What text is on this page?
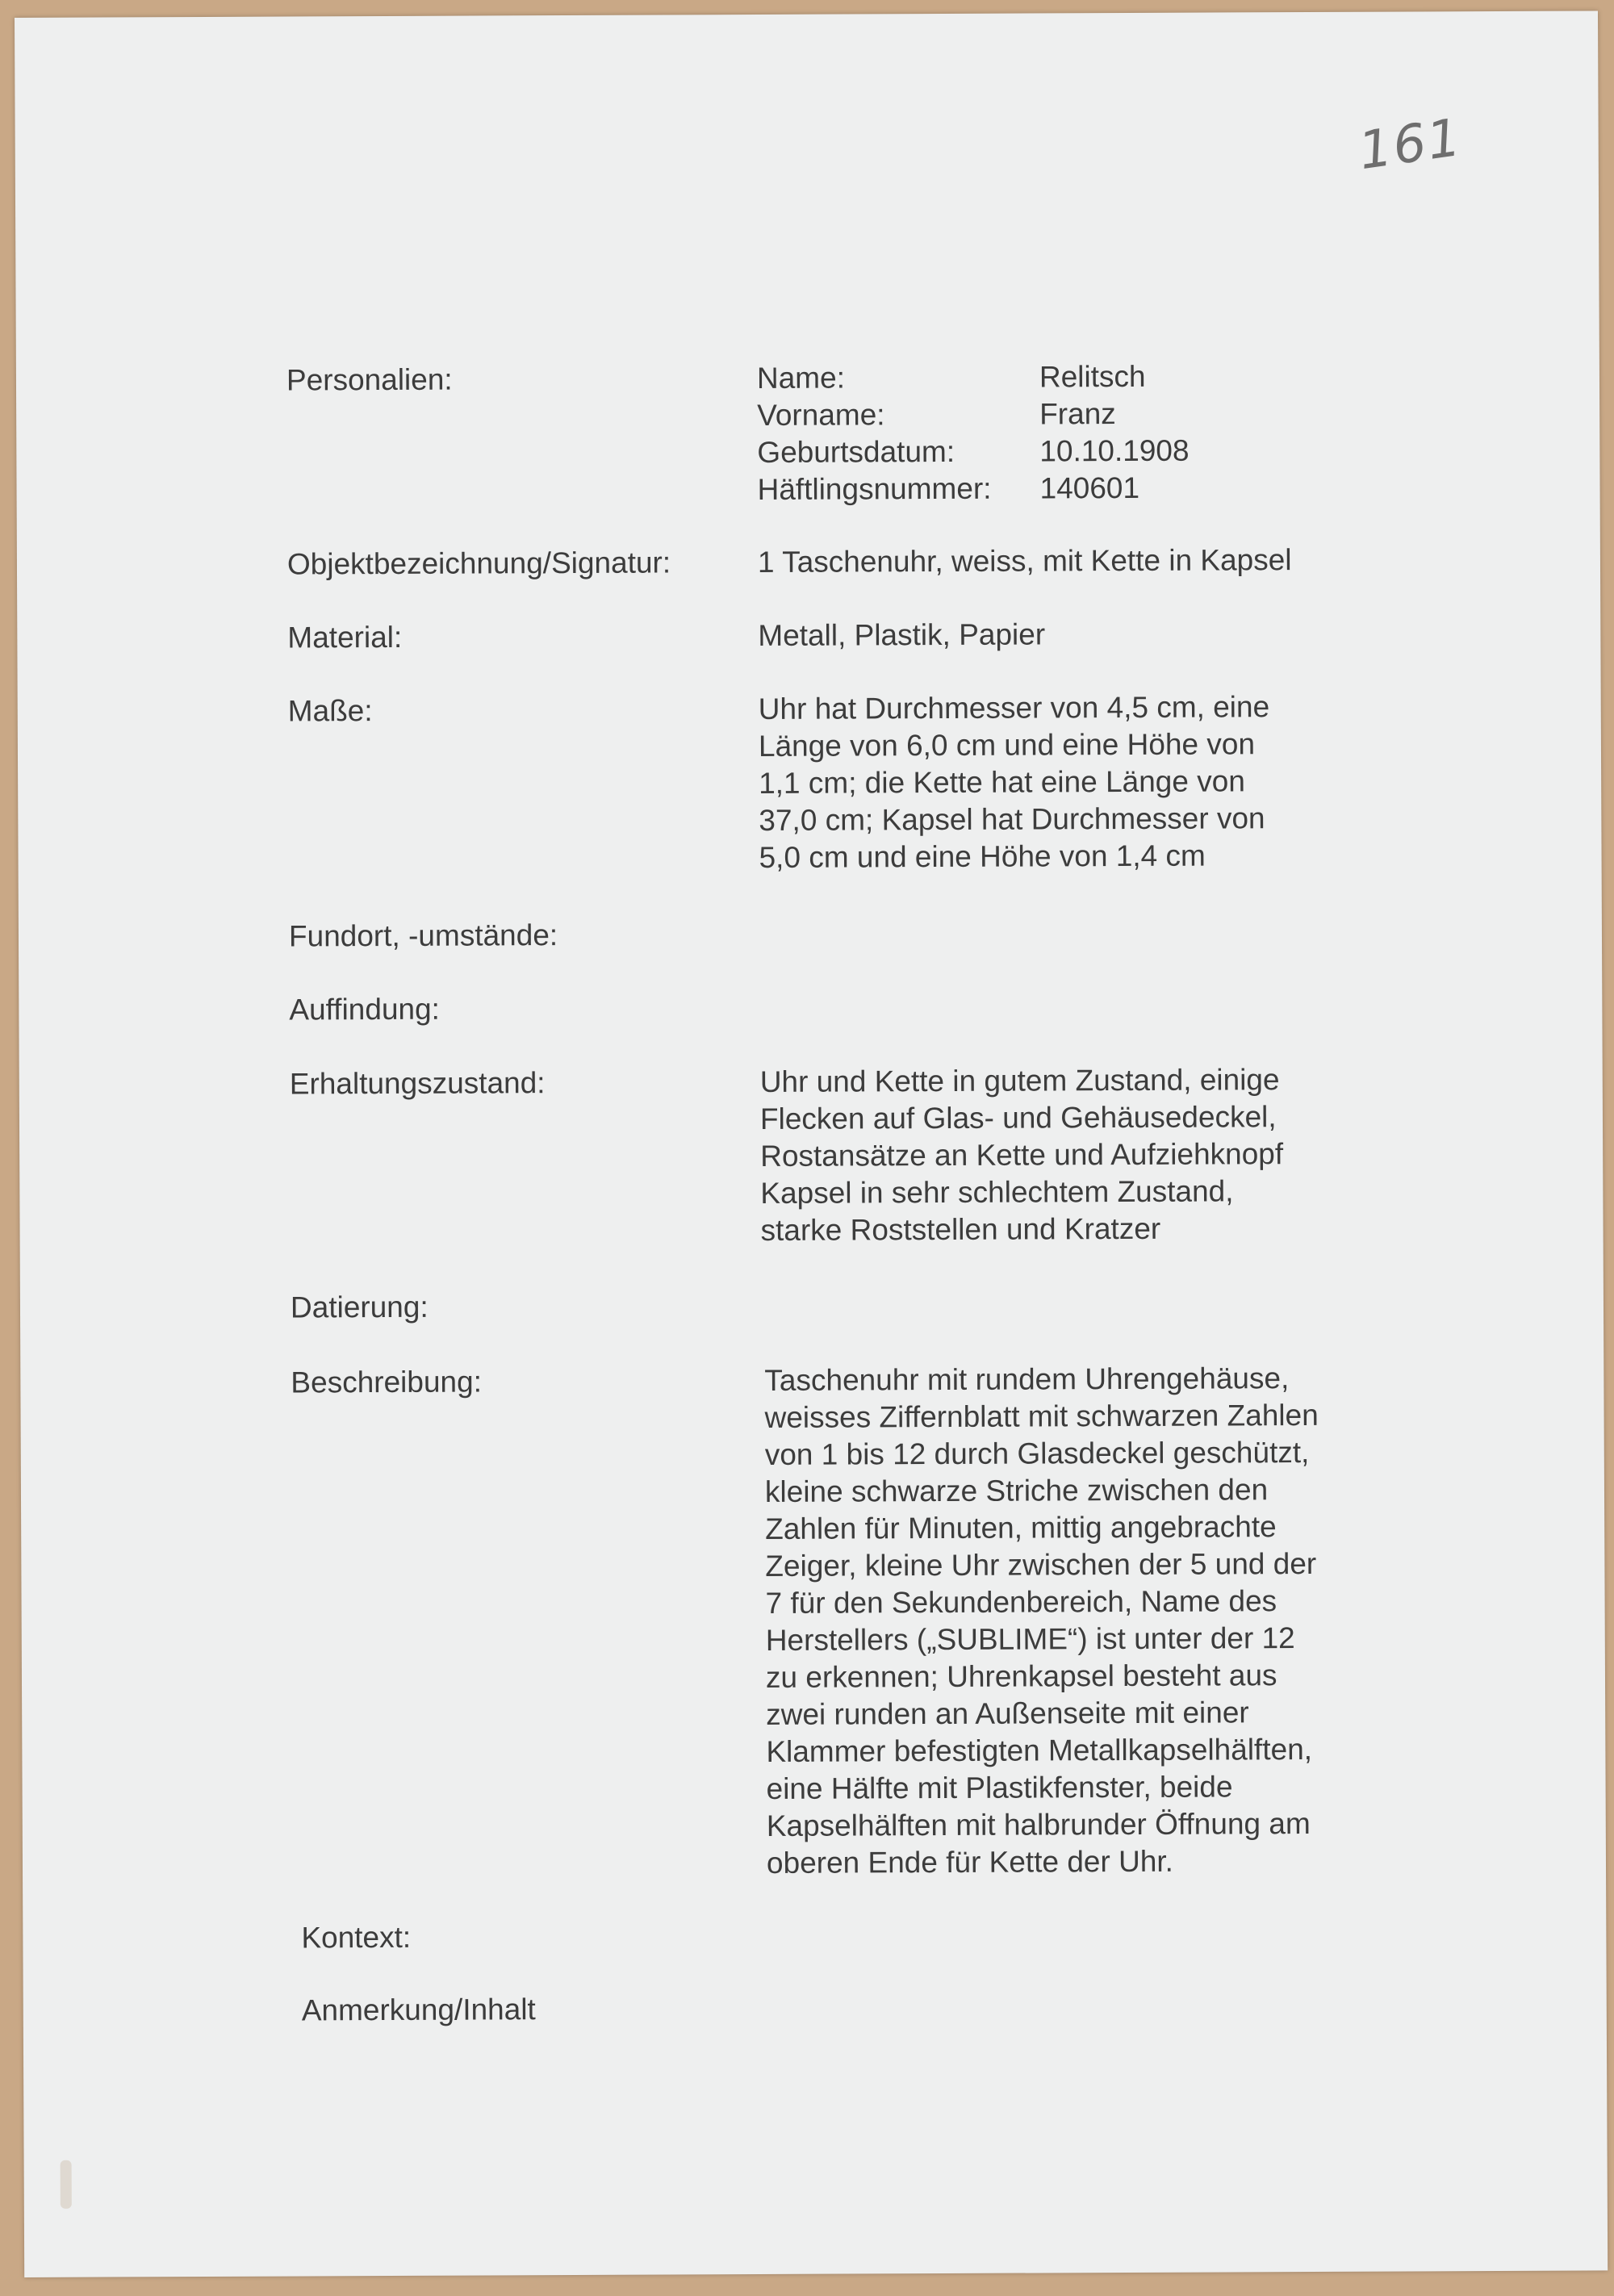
161
Personalien:	Name:	Relitsch
Vorname:	Franz
Geburtsdatum:	10.10.1908
Häftlingsnummer: 140601
Objektbezeichnung/Signatur:	1 Taschenuhr, weiss, mit Kette in Kapsel
Material:	Metall, Plastik, Papier
Maße:	Uhr hat Durchmesser von 4,5 cm, eine
Länge von 6,0 cm und eine Höhe von
1,1 cm; die Kette hat eine Länge von
37,0 cm; Kapsel hat Durchmesser von
5,0 cm und eine Höhe von 1,4 cm
Fundort, -umstände:
Auffindung:
Erhaltungszustand:	Uhr und Kette in gutem Zustand, einige
Flecken auf Glas- und Gehäusedeckel,
Rostansätze an Kette und Aufziehknopf
Kapsel in sehr schlechtem Zustand,
starke Roststellen und Kratzer
Datierung:
Beschreibung:	Taschenuhr mit rundem Uhrengehäuse,
weisses Ziffernblatt mit schwarzen Zahlen
von 1 bis 12 durch Glasdeckel geschützt,
kleine schwarze Striche zwischen den
Zahlen für Minuten, mittig angebrachte
Zeiger, kleine Uhr zwischen der 5 und der
7 für den Sekundenbereich, Name des
Herstellers („SUBLIME“) ist unter der 12
zu erkennen; Uhrenkapsel besteht aus
zwei runden an Außenseite mit einer
Klammer befestigten Metallkapselhälften,
eine Hälfte mit Plastikfenster, beide
Kapselhälften mit halbrunder Öffnung am
oberen Ende für Kette der Uhr.
Kontext:
Anmerkung/Inhalt
